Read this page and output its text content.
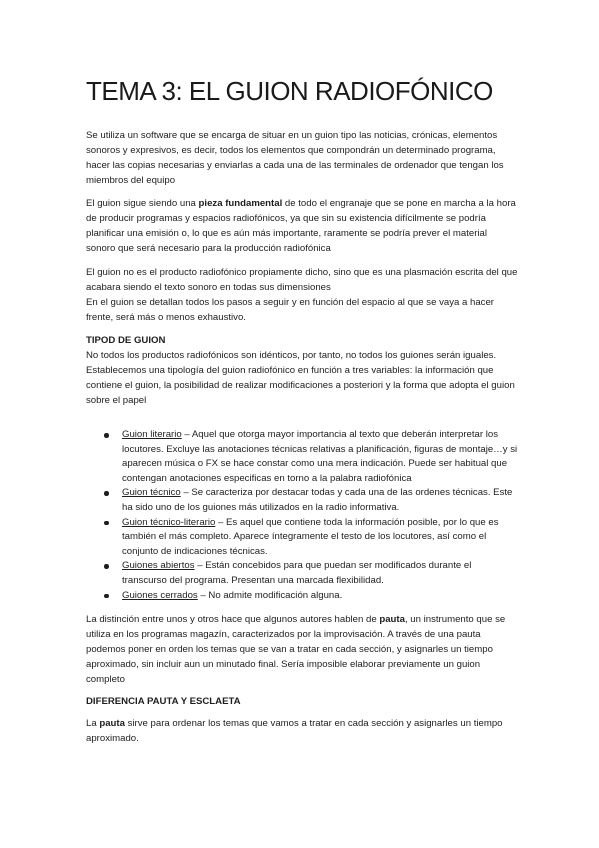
TEMA 3: EL GUION RADIOFÓNICO

Se utiliza un software que se encarga de situar en un guion tipo las noticias, crónicas, elementos sonoros y expresivos, es decir, todos los elementos que compondrán un determinado programa, hacer las copias necesarias y enviarlas a cada una de las terminales de ordenador que tengan los miembros del equipo

El guion sigue siendo una pieza fundamental de todo el engranaje que se pone en marcha a la hora de producir programas y espacios radiofónicos, ya que sin su existencia difícilmente se podría planificar una emisión o, lo que es aún más importante, raramente se podría prever el material sonoro que será necesario para la producción radiofónica

El guion no es el producto radiofónico propiamente dicho, sino que es una plasmación escrita del que acabara siendo el texto sonoro en todas sus dimensiones

En el guion se detallan todos los pasos a seguir y en función del espacio al que se vaya a hacer frente, será más o menos exhaustivo.

TIPOD DE GUION

No todos los productos radiofónicos son idénticos, por tanto, no todos los guiones serán iguales.

Establecemos una tipología del guion radiofónico en función a tres variables: la información que contiene el guion, la posibilidad de realizar modificaciones a posteriori y la forma que adopta el guion sobre el papel

Guion literario – Aquel que otorga mayor importancia al texto que deberán interpretar los locutores. Excluye las anotaciones técnicas relativas a planificación, figuras de montaje…y si aparecen música o FX se hace constar como una mera indicación. Puede ser habitual que contengan anotaciones especificas en torno a la palabra radiofónica
Guion técnico – Se caracteriza por destacar todas y cada una de las ordenes técnicas. Este ha sido uno de los guiones más utilizados en la radio informativa.
Guion técnico-literario – Es aquel que contiene toda la información posible, por lo que es también el más completo. Aparece íntegramente el testo de los locutores, así como el conjunto de indicaciones técnicas.
Guiones abiertos – Están concebidos para que puedan ser modificados durante el transcurso del programa. Presentan una marcada flexibilidad.
Guiones cerrados – No admite modificación alguna.

La distinción entre unos y otros hace que algunos autores hablen de pauta, un instrumento que se utiliza en los programas magazín, caracterizados por la improvisación. A través de una pauta podemos poner en orden los temas que se van a tratar en cada sección, y asignarles un tiempo aproximado, sin incluir aun un minutado final. Sería imposible elaborar previamente un guion completo

DIFERENCIA PAUTA Y ESCLAETA

La pauta sirve para ordenar los temas que vamos a tratar en cada sección y asignarles un tiempo aproximado.
